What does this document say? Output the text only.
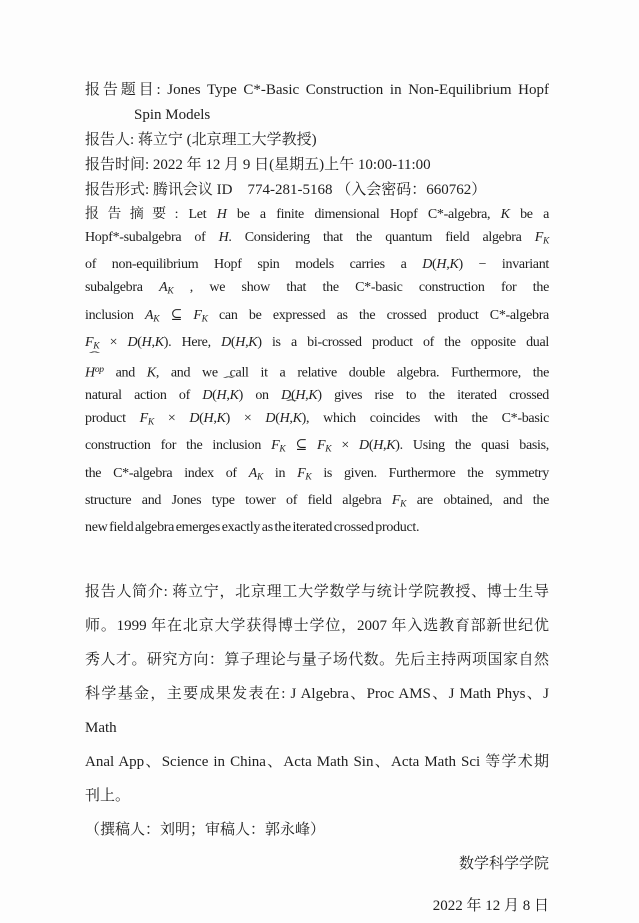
报告题目: Jones Type C*-Basic Construction in Non-Equilibrium Hopf
Spin Models
报告人: 蒋立宁 (北京理工大学教授)
报告时间: 2022 年 12 月 9 日(星期五)上午 10:00-11:00
报告形式: 腾讯会议 ID　774-281-5168 （入会密码：660762）
报告摘要: Let H be a finite dimensional Hopf C*-algebra, K be a
Hopf*-subalgebra of H. Considering that the quantum field algebra $F_K$
of non-equilibrium Hopf spin models carries a D(H,K) − invariant
subalgebra $A_K$ , we show that the C*-basic construction for the
inclusion $A_K$ ⊆ $F_K$ can be expressed as the crossed product C*-algebra
$F_K \times D(H,K)$. Here, D(H,K) is a bi-crossed product of the opposite dual
ˆ $H^{op}$ and K, and we call it a relative double algebra. Furthermore, the
natural action of D(ˆ H,K) on D(H,K) gives rise to the iterated crossed
product $F_K \times D(H,K)$ × D(ˆ H,K), which coincides with the C*-basic
construction for the inclusion $F_K$ ⊆ $F_K \times D(H,K)$. Using the quasi basis,
the C*-algebra index of $A_K$ in $F_K$ is given. Furthermore the symmetry
structure and Jones type tower of field algebra $F_K$ are obtained, and the
new field algebra emerges exactly as the iterated crossed product.
报告人简介: 蒋立宁，北京理工大学数学与统计学院教授、博士生导
师。1999 年在北京大学获得博士学位，2007 年入选教育部新世纪优
秀人才。研究方向：算子理论与量子场代数。先后主持两项国家自然
科学基金，主要成果发表在: J Algebra、Proc AMS、J Math Phys、J Math
Anal App、Science in China、Acta Math Sin、Acta Math Sci 等学术期
刊上。
（撰稿人：刘明；审稿人：郭永峰）
数学科学学院
2022 年 12 月 8 日
